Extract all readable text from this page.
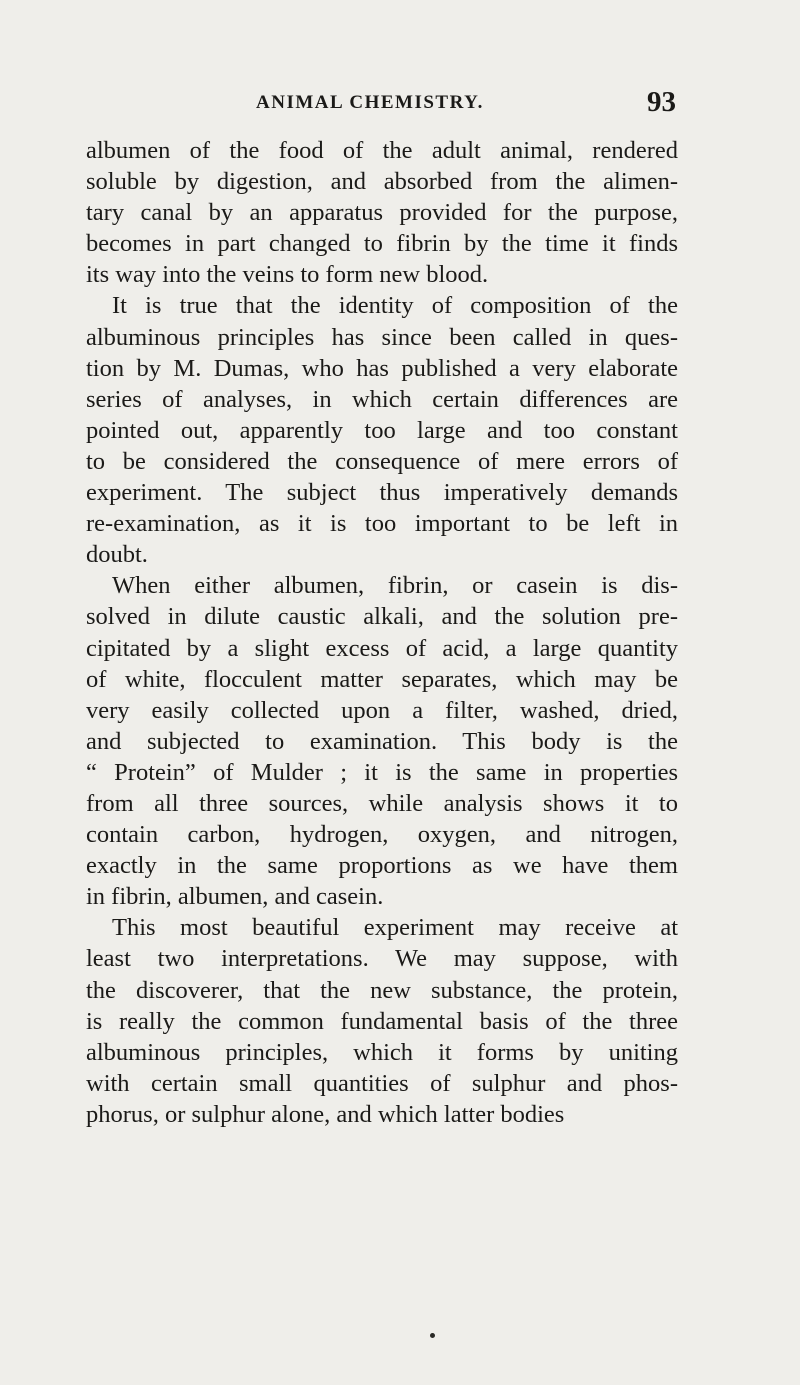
ANIMAL CHEMISTRY.	93
albumen of the food of the adult animal, rendered
soluble by digestion, and absorbed from the alimen-
tary canal by an apparatus provided for the purpose,
becomes in part changed to fibrin by the time it finds
its way into the veins to form new blood.
It is true that the identity of composition of the
albuminous principles has since been called in ques-
tion by M. Dumas, who has published a very elaborate
series of analyses, in which certain differences are
pointed out, apparently too large and too constant
to be considered the consequence of mere errors of
experiment. The subject thus imperatively demands
re-examination, as it is too important to be left in
doubt.
When either albumen, fibrin, or casein is dis-
solved in dilute caustic alkali, and the solution pre-
cipitated by a slight excess of acid, a large quantity
of white, flocculent matter separates, which may be
very easily collected upon a filter, washed, dried,
and subjected to examination. This body is the
“ Protein” of Mulder ; it is the same in properties
from all three sources, while analysis shows it to
contain carbon, hydrogen, oxygen, and nitrogen,
exactly in the same proportions as we have them
in fibrin, albumen, and casein.
This most beautiful experiment may receive at
least two interpretations. We may suppose, with
the discoverer, that the new substance, the protein,
is really the common fundamental basis of the three
albuminous principles, which it forms by uniting
with certain small quantities of sulphur and phos-
phorus, or sulphur alone, and which latter bodies
